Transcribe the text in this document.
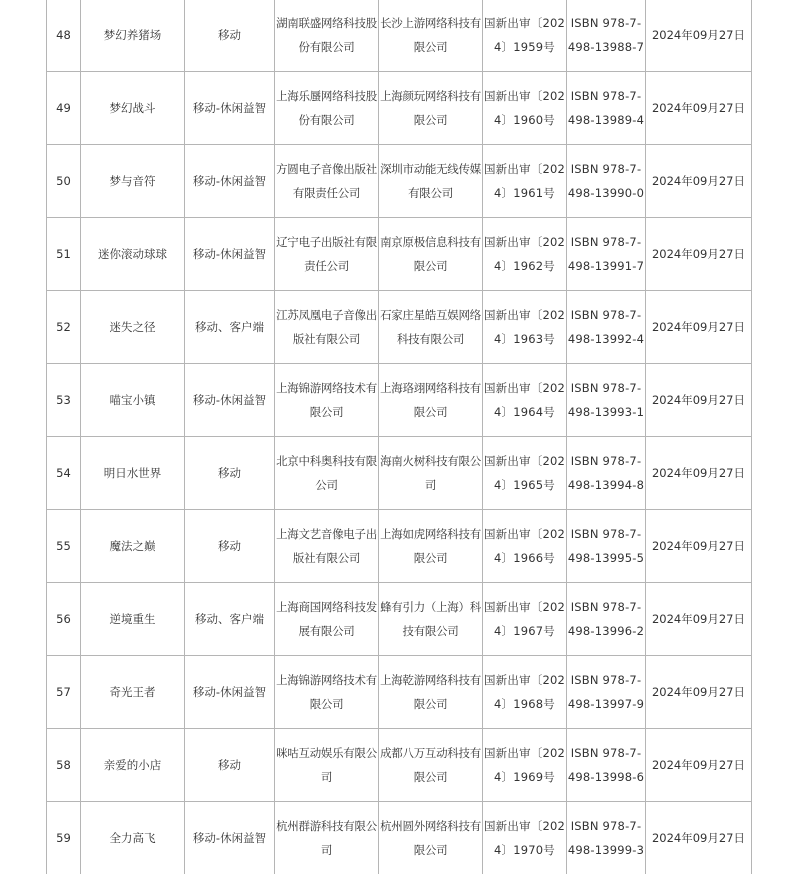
48	梦幻养猪场	移动	湖南联盛网络科技股份有限公司	长沙上游网络科技有限公司	国新出审〔2024〕1959号	ISBN 978-7-498-13988-7	2024年09月27日
49	梦幻战斗	移动-休闲益智	上海乐蜃网络科技股份有限公司	上海颜玩网络科技有限公司	国新出审〔2024〕1960号	ISBN 978-7-498-13989-4	2024年09月27日
50	梦与音符	移动-休闲益智	方圆电子音像出版社有限责任公司	深圳市动能无线传媒有限公司	国新出审〔2024〕1961号	ISBN 978-7-498-13990-0	2024年09月27日
51	迷你滚动球球	移动-休闲益智	辽宁电子出版社有限责任公司	南京原极信息科技有限公司	国新出审〔2024〕1962号	ISBN 978-7-498-13991-7	2024年09月27日
52	迷失之径	移动、客户端	江苏凤凰电子音像出版社有限公司	石家庄星皓互娱网络科技有限公司	国新出审〔2024〕1963号	ISBN 978-7-498-13992-4	2024年09月27日
53	喵宝小镇	移动-休闲益智	上海锦游网络技术有限公司	上海珞翊网络科技有限公司	国新出审〔2024〕1964号	ISBN 978-7-498-13993-1	2024年09月27日
54	明日水世界	移动	北京中科奥科技有限公司	海南火树科技有限公司	国新出审〔2024〕1965号	ISBN 978-7-498-13994-8	2024年09月27日
55	魔法之巅	移动	上海文艺音像电子出版社有限公司	上海如虎网络科技有限公司	国新出审〔2024〕1966号	ISBN 978-7-498-13995-5	2024年09月27日
56	逆境重生	移动、客户端	上海商国网络科技发展有限公司	蜂有引力（上海）科技有限公司	国新出审〔2024〕1967号	ISBN 978-7-498-13996-2	2024年09月27日
57	奇光王者	移动-休闲益智	上海锦游网络技术有限公司	上海乾游网络科技有限公司	国新出审〔2024〕1968号	ISBN 978-7-498-13997-9	2024年09月27日
58	亲爱的小店	移动	咪咕互动娱乐有限公司	成都八万互动科技有限公司	国新出审〔2024〕1969号	ISBN 978-7-498-13998-6	2024年09月27日
59	全力高飞	移动-休闲益智	杭州群游科技有限公司	杭州圆外网络科技有限公司	国新出审〔2024〕1970号	ISBN 978-7-498-13999-3	2024年09月27日
